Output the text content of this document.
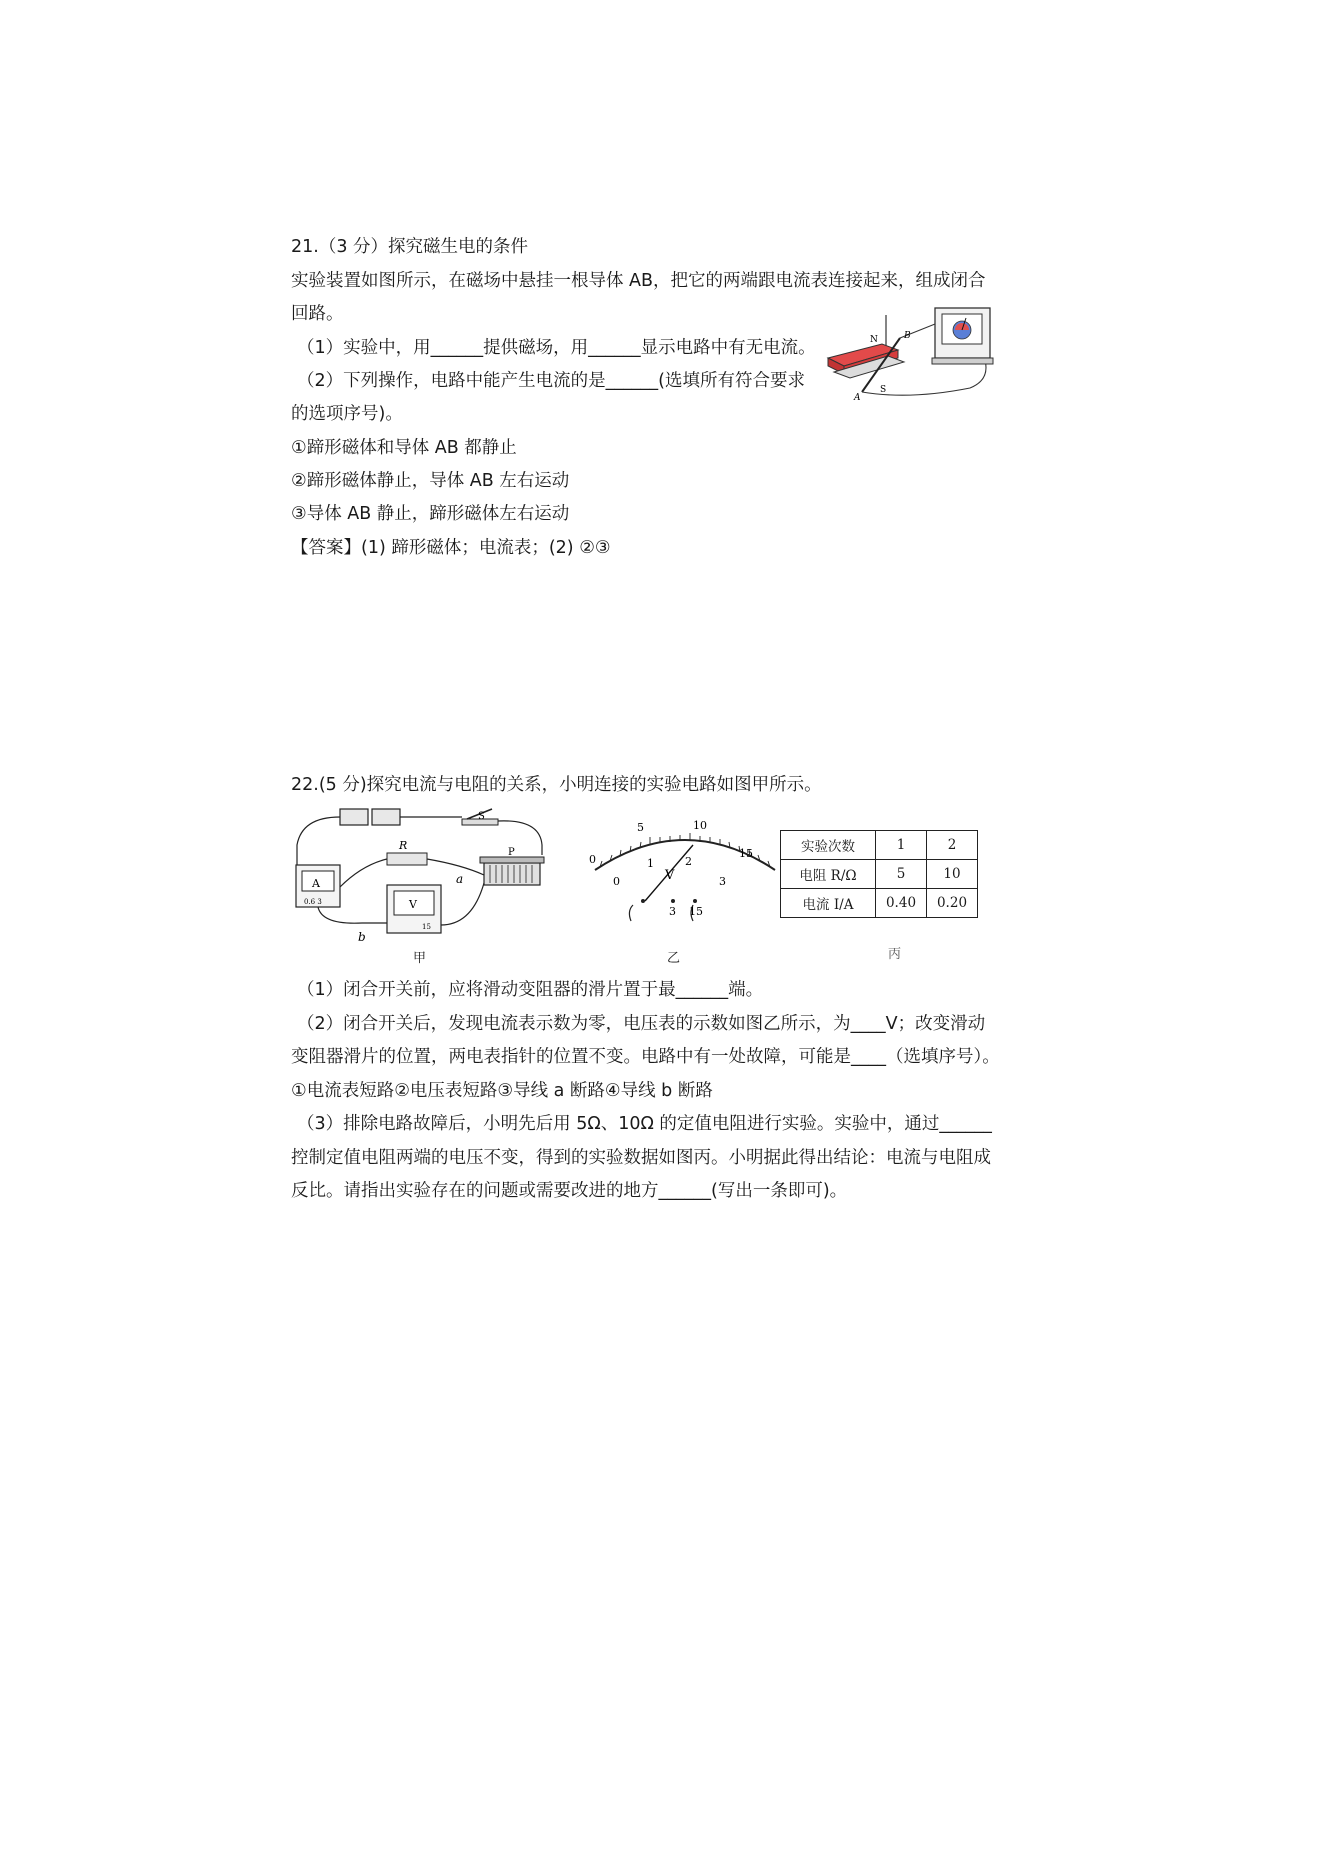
21.（3 分）探究磁生电的条件
实验装置如图所示，在磁场中悬挂一根导体 AB，把它的两端跟电流表连接起来，组成闭合
回路。
（1）实验中，用______提供磁场，用______显示电路中有无电流。
（2）下列操作，电路中能产生电流的是______(选填所有符合要求
的选项序号)。
①蹄形磁体和导体 AB 都静止
②蹄形磁体静止，导体 AB 左右运动
③导体 AB 静止，蹄形磁体左右运动
【答案】(1) 蹄形磁体；电流表；(2) ②③
N
S
A
B
22.(5 分)探究电流与电阻的关系，小明连接的实验电路如图甲所示。
A
0.6 3
R
V
15
P
S
a
b
甲
0
5	10
15
0
1	2
3
V
3 15
乙
实验次数	1	2
电阻 R/Ω	5	10
电流 I/A	0.40	0.20
丙
（1）闭合开关前，应将滑动变阻器的滑片置于最______端。
（2）闭合开关后，发现电流表示数为零，电压表的示数如图乙所示，为____V；改变滑动
变阻器滑片的位置，两电表指针的位置不变。电路中有一处故障，可能是____（选填序号）。
①电流表短路②电压表短路③导线 a 断路④导线 b 断路
（3）排除电路故障后，小明先后用 5Ω、10Ω 的定值电阻进行实验。实验中，通过______
控制定值电阻两端的电压不变，得到的实验数据如图丙。小明据此得出结论：电流与电阻成
反比。请指出实验存在的问题或需要改进的地方______(写出一条即可)。
